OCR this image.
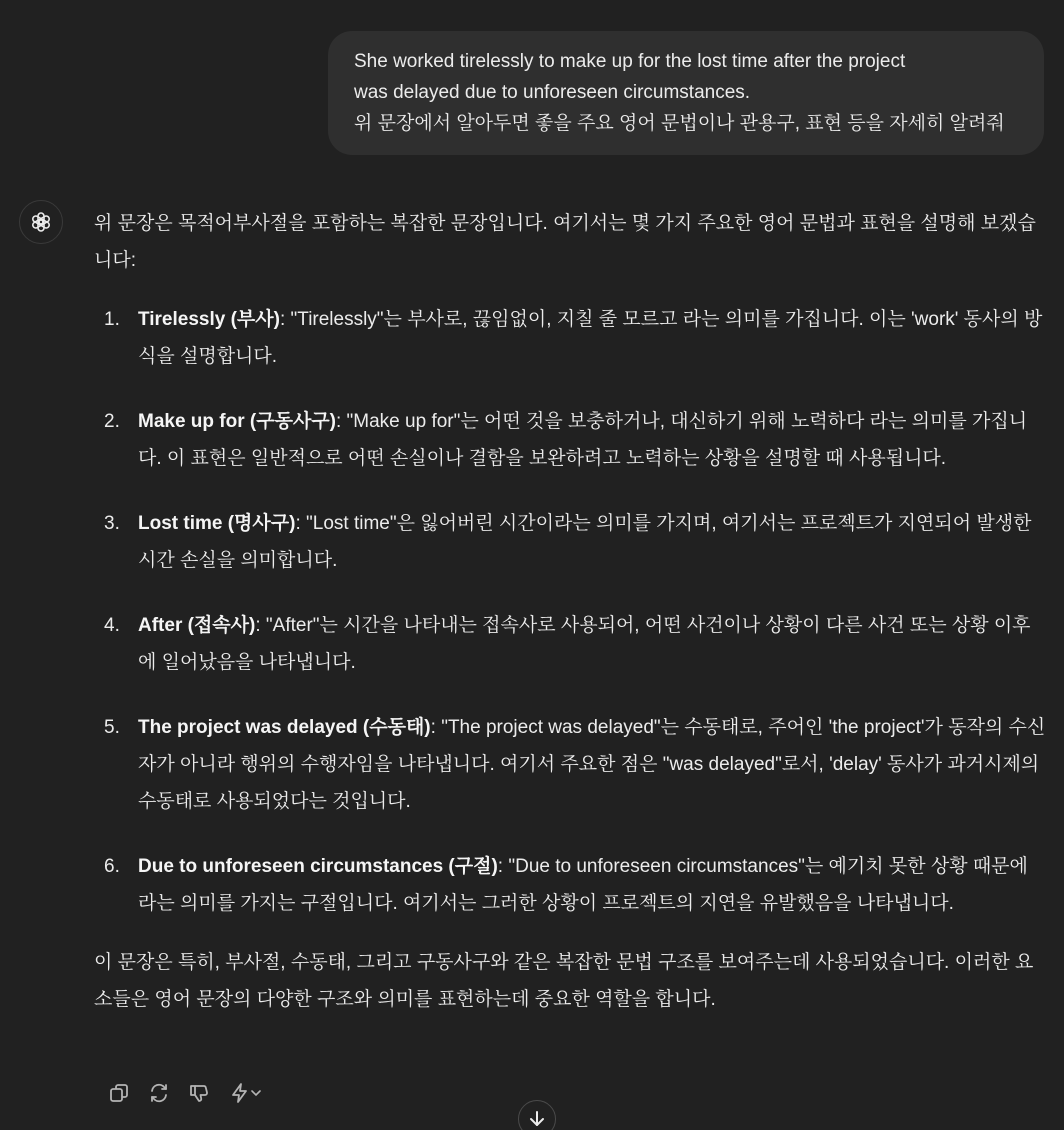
She worked tirelessly to make up for the lost time after the project
was delayed due to unforeseen circumstances.
위 문장에서 알아두면 좋을 주요 영어 문법이나 관용구, 표현 등을 자세히 알려줘

위 문장은 목적어부사절을 포함하는 복잡한 문장입니다. 여기서는 몇 가지 주요한 영어 문법과 표현을 설명해 보겠습니다:

1. Tirelessly (부사): "Tirelessly"는 부사로, 끊임없이, 지칠 줄 모르고 라는 의미를 가집니다. 이는 'work' 동사의 방식을 설명합니다.
2. Make up for (구동사구): "Make up for"는 어떤 것을 보충하거나, 대신하기 위해 노력하다 라는 의미를 가집니다. 이 표현은 일반적으로 어떤 손실이나 결함을 보완하려고 노력하는 상황을 설명할 때 사용됩니다.
3. Lost time (명사구): "Lost time"은 잃어버린 시간이라는 의미를 가지며, 여기서는 프로젝트가 지연되어 발생한 시간 손실을 의미합니다.
4. After (접속사): "After"는 시간을 나타내는 접속사로 사용되어, 어떤 사건이나 상황이 다른 사건 또는 상황 이후에 일어났음을 나타냅니다.
5. The project was delayed (수동태): "The project was delayed"는 수동태로, 주어인 'the project'가 동작의 수신자가 아니라 행위의 수행자임을 나타냅니다. 여기서 주요한 점은 "was delayed"로서, 'delay' 동사가 과거시제의 수동태로 사용되었다는 것입니다.
6. Due to unforeseen circumstances (구절): "Due to unforeseen circumstances"는 예기치 못한 상황 때문에 라는 의미를 가지는 구절입니다. 여기서는 그러한 상황이 프로젝트의 지연을 유발했음을 나타냅니다.

이 문장은 특히, 부사절, 수동태, 그리고 구동사구와 같은 복잡한 문법 구조를 보여주는데 사용되었습니다. 이러한 요소들은 영어 문장의 다양한 구조와 의미를 표현하는데 중요한 역할을 합니다.
